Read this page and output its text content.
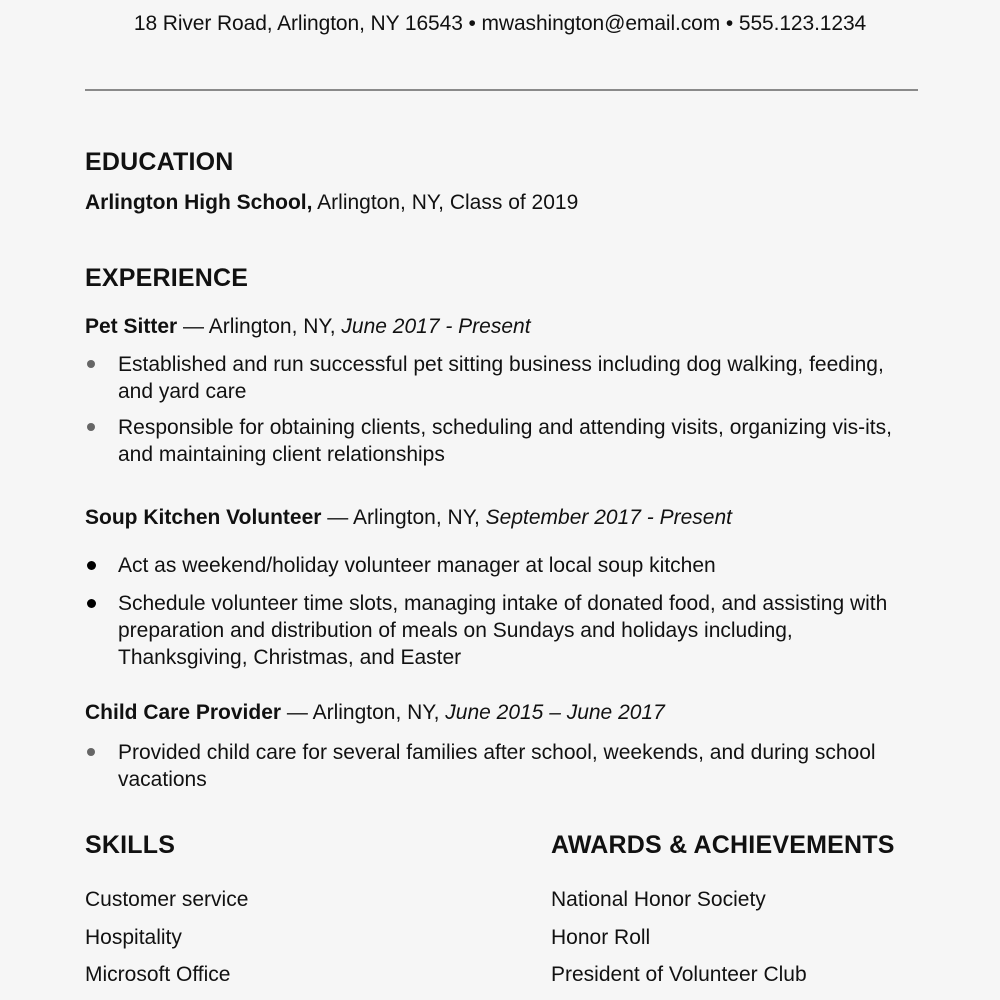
18 River Road, Arlington, NY 16543 • mwashington@email.com • 555.123.1234
EDUCATION
Arlington High School, Arlington, NY, Class of 2019
EXPERIENCE
Pet Sitter — Arlington, NY, June 2017 - Present
Established and run successful pet sitting business including dog walking, feeding, and yard care
Responsible for obtaining clients, scheduling and attending visits, organizing vis-its, and maintaining client relationships
Soup Kitchen Volunteer — Arlington, NY, September 2017 - Present
Act as weekend/holiday volunteer manager at local soup kitchen
Schedule volunteer time slots, managing intake of donated food, and assisting with preparation and distribution of meals on Sundays and holidays including, Thanksgiving, Christmas, and Easter
Child Care Provider — Arlington, NY, June 2015 – June 2017
Provided child care for several families after school, weekends, and during school vacations
SKILLS
Customer service
Hospitality
Microsoft Office
AWARDS & ACHIEVEMENTS
National Honor Society
Honor Roll
President of Volunteer Club
